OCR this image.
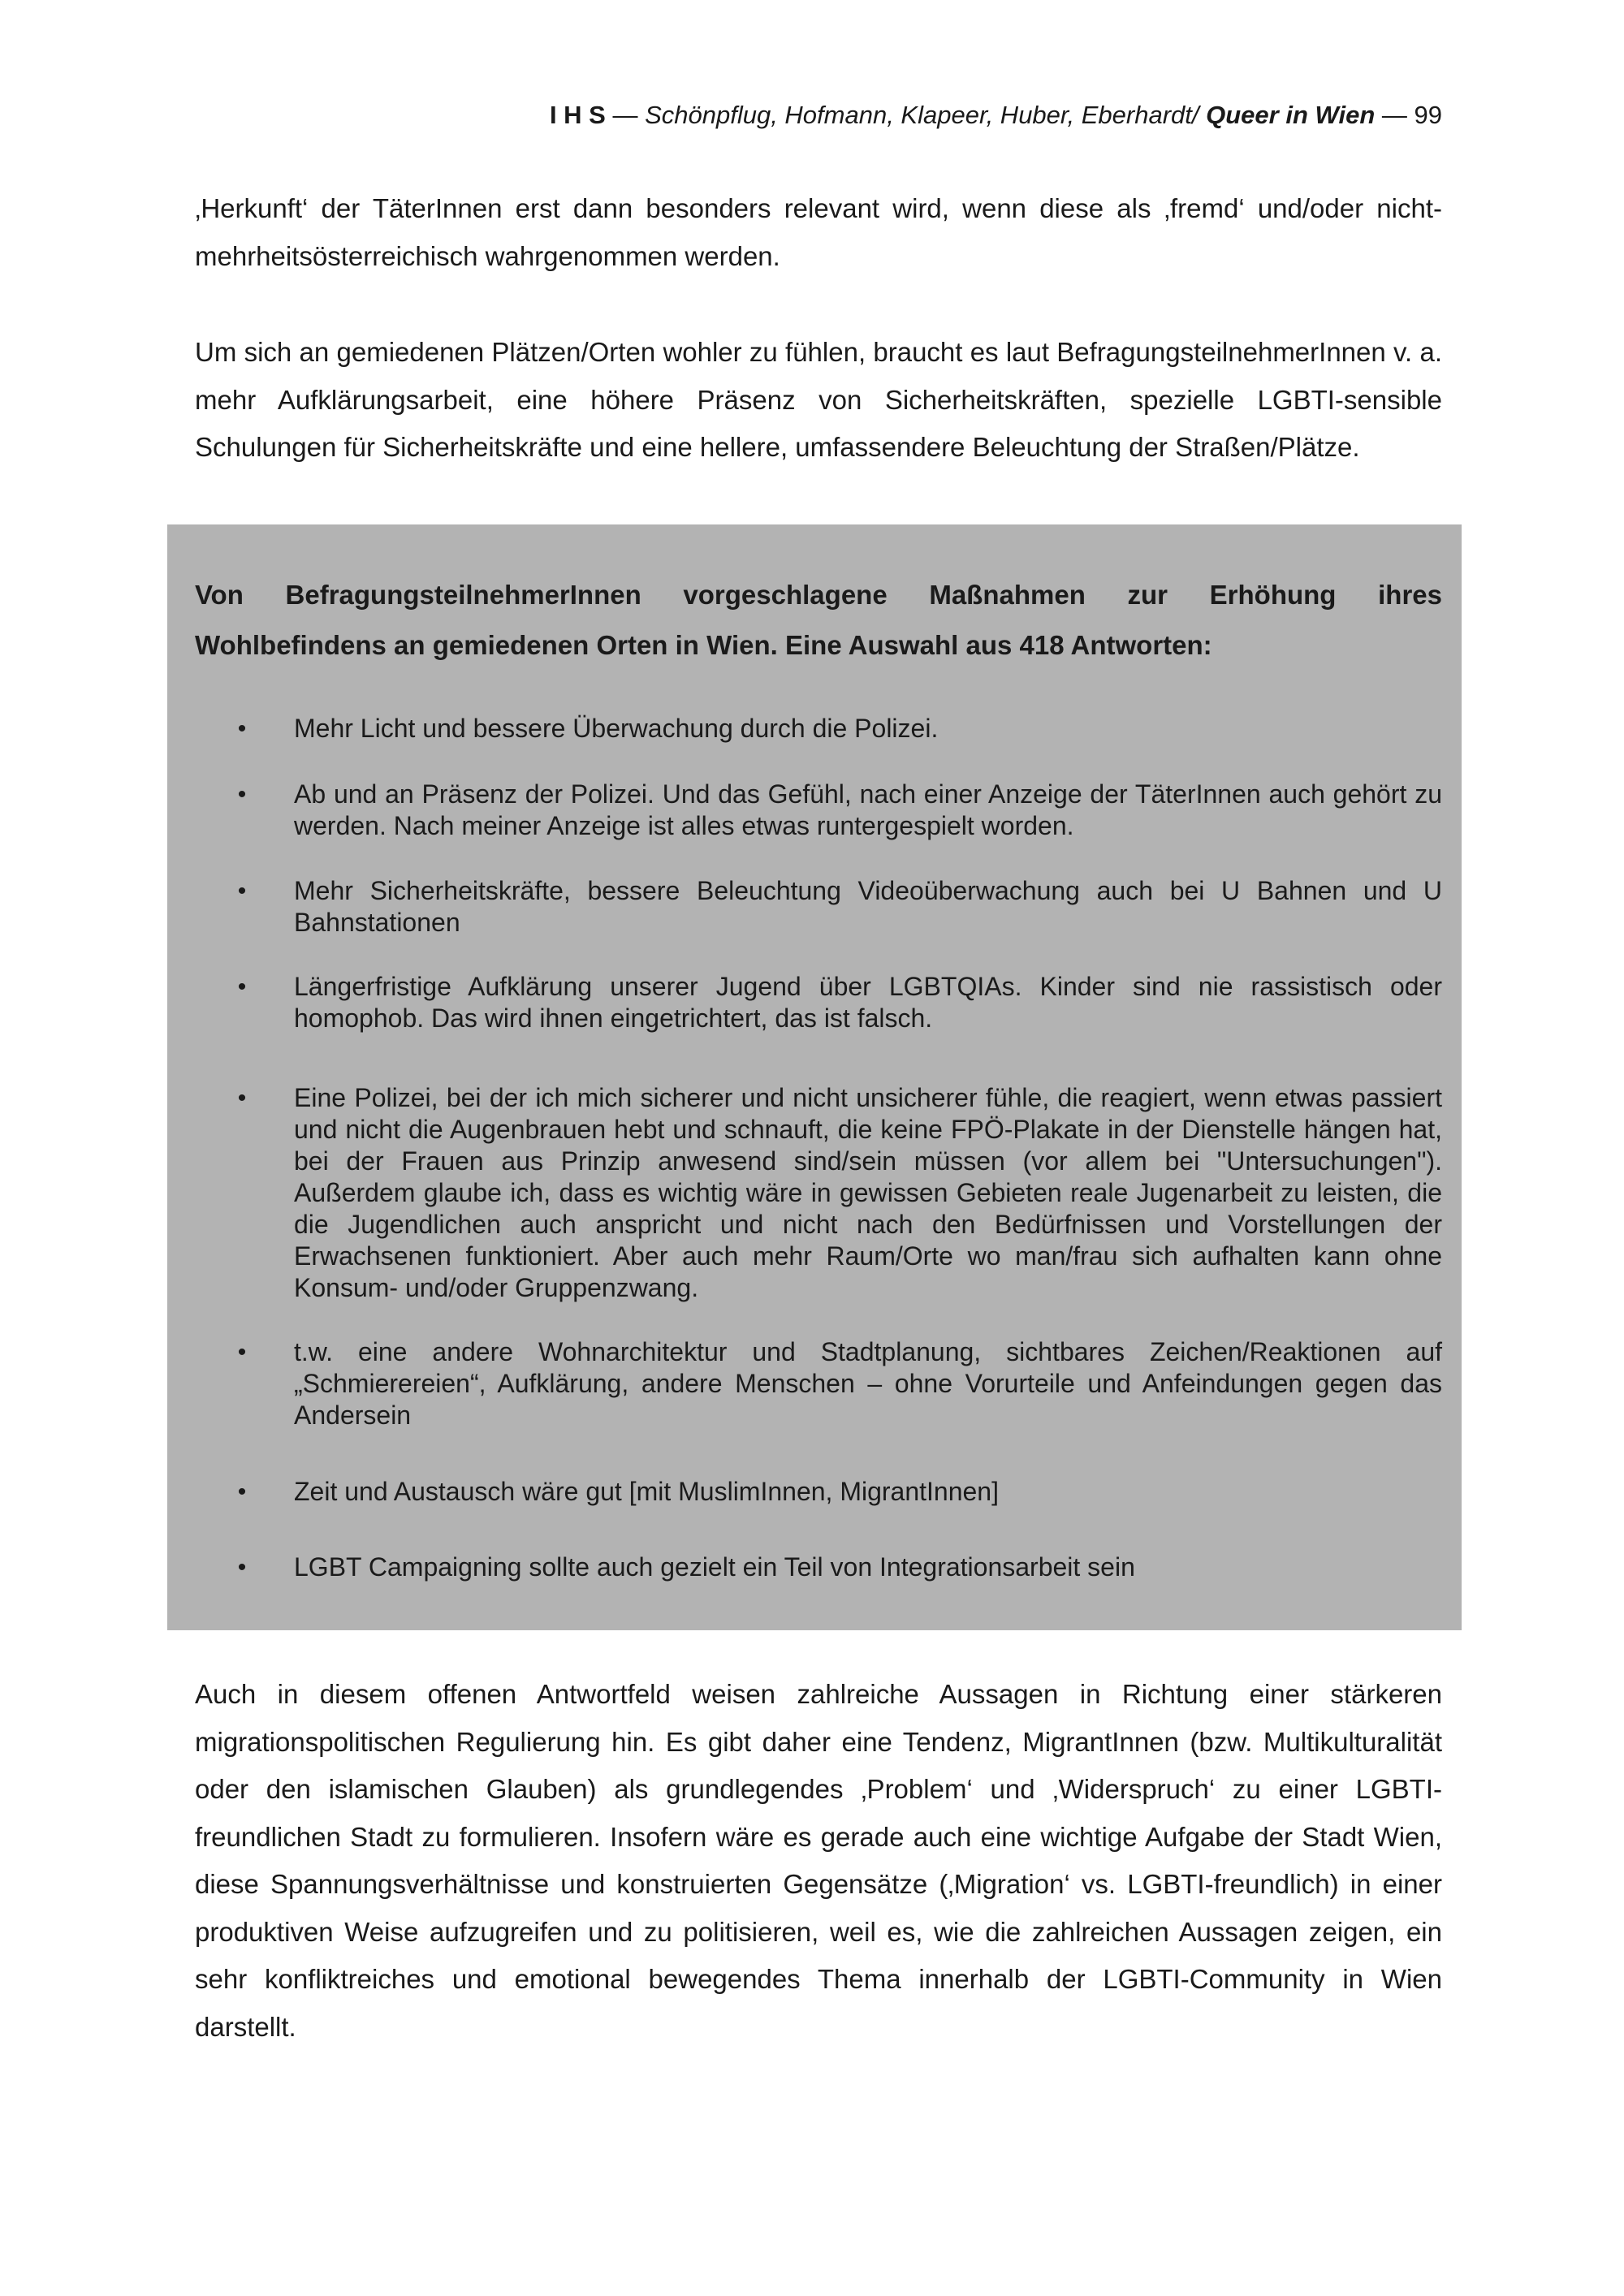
I H S — Schönpflug, Hofmann, Klapeer, Huber, Eberhardt/ Queer in Wien — 99

‚Herkunft‘ der TäterInnen erst dann besonders relevant wird, wenn diese als ‚fremd‘ und/oder nicht-mehrheitsösterreichisch wahrgenommen werden.

Um sich an gemiedenen Plätzen/Orten wohler zu fühlen, braucht es laut BefragungsteilnehmerInnen v. a. mehr Aufklärungsarbeit, eine höhere Präsenz von Sicherheitskräften, spezielle LGBTI-sensible Schulungen für Sicherheitskräfte und eine hellere, umfassendere Beleuchtung der Straßen/Plätze.

Von BefragungsteilnehmerInnen vorgeschlagene Maßnahmen zur Erhöhung ihres
Wohlbefindens an gemiedenen Orten in Wien. Eine Auswahl aus 418 Antworten:

• Mehr Licht und bessere Überwachung durch die Polizei.
• Ab und an Präsenz der Polizei. Und das Gefühl, nach einer Anzeige der TäterInnen auch gehört zu werden. Nach meiner Anzeige ist alles etwas runtergespielt worden.
• Mehr Sicherheitskräfte, bessere Beleuchtung Videoüberwachung auch bei U Bahnen und U Bahnstationen
• Längerfristige Aufklärung unserer Jugend über LGBTQIAs. Kinder sind nie rassistisch oder homophob. Das wird ihnen eingetrichtert, das ist falsch.
• Eine Polizei, bei der ich mich sicherer und nicht unsicherer fühle, die reagiert, wenn etwas passiert und nicht die Augenbrauen hebt und schnauft, die keine FPÖ-Plakate in der Dienstelle hängen hat, bei der Frauen aus Prinzip anwesend sind/sein müssen (vor allem bei "Untersuchungen"). Außerdem glaube ich, dass es wichtig wäre in gewissen Gebieten reale Jugenarbeit zu leisten, die die Jugendlichen auch anspricht und nicht nach den Bedürfnissen und Vorstellungen der Erwachsenen funktioniert. Aber auch mehr Raum/Orte wo man/frau sich aufhalten kann ohne Konsum- und/oder Gruppenzwang.
• t.w. eine andere Wohnarchitektur und Stadtplanung, sichtbares Zeichen/Reaktionen auf „Schmierereien“, Aufklärung, andere Menschen – ohne Vorurteile und Anfeindungen gegen das Andersein
• Zeit und Austausch wäre gut [mit MuslimInnen, MigrantInnen]
• LGBT Campaigning sollte auch gezielt ein Teil von Integrationsarbeit sein

Auch in diesem offenen Antwortfeld weisen zahlreiche Aussagen in Richtung einer stärkeren migrationspolitischen Regulierung hin. Es gibt daher eine Tendenz, MigrantInnen (bzw. Multikulturalität oder den islamischen Glauben) als grundlegendes ‚Problem‘ und ‚Widerspruch‘ zu einer LGBTI-freundlichen Stadt zu formulieren. Insofern wäre es gerade auch eine wichtige Aufgabe der Stadt Wien, diese Spannungsverhältnisse und konstruierten Gegensätze (‚Migration‘ vs. LGBTI-freundlich) in einer produktiven Weise aufzugreifen und zu politisieren, weil es, wie die zahlreichen Aussagen zeigen, ein sehr konfliktreiches und emotional bewegendes Thema innerhalb der LGBTI-Community in Wien darstellt.
